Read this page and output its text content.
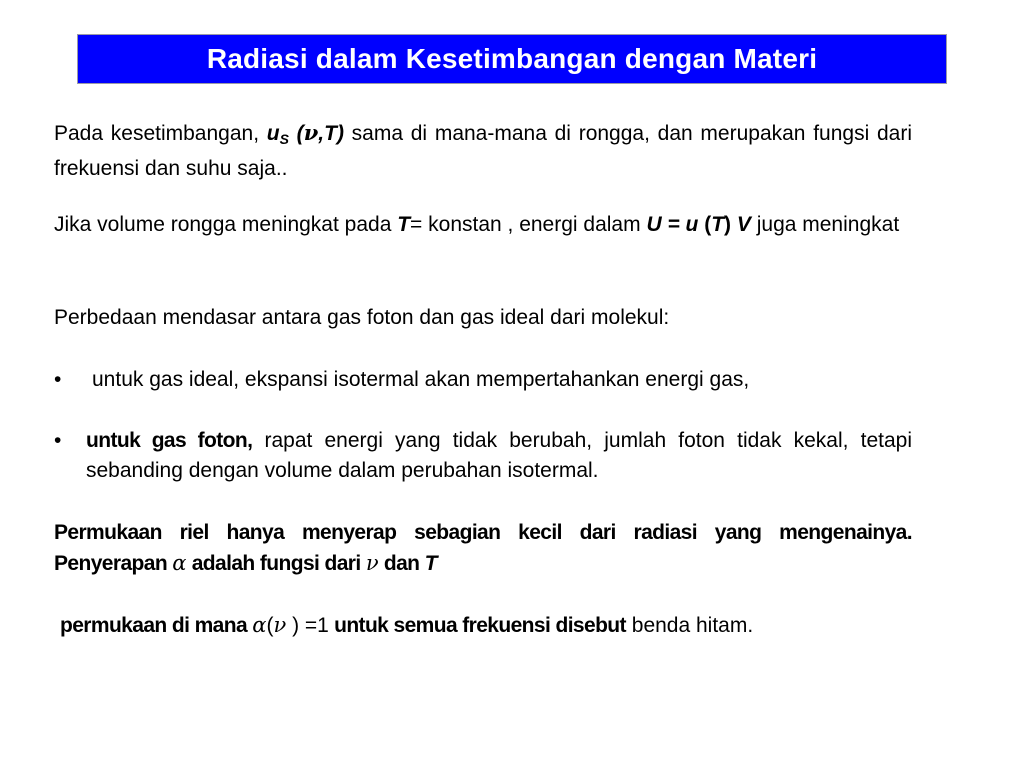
Radiasi dalam Kesetimbangan dengan Materi

Pada kesetimbangan, $u_S$ (ν,T) sama di mana-mana di rongga, dan merupakan fungsi dari frekuensi dan suhu saja..

Jika volume rongga meningkat pada T= konstan , energi dalam U = u (T) V juga meningkat

Perbedaan mendasar antara gas foton dan gas ideal dari molekul:

•	untuk gas ideal, ekspansi isotermal akan mempertahankan energi gas,
•	untuk gas foton, rapat energi yang tidak berubah, jumlah foton tidak kekal, tetapi sebanding dengan volume dalam perubahan isotermal.

Permukaan riel hanya menyerap sebagian kecil dari radiasi yang mengenainya. Penyerapan α adalah fungsi dari ν dan T

permukaan di mana α(ν ) =1 untuk semua frekuensi disebut benda hitam.
